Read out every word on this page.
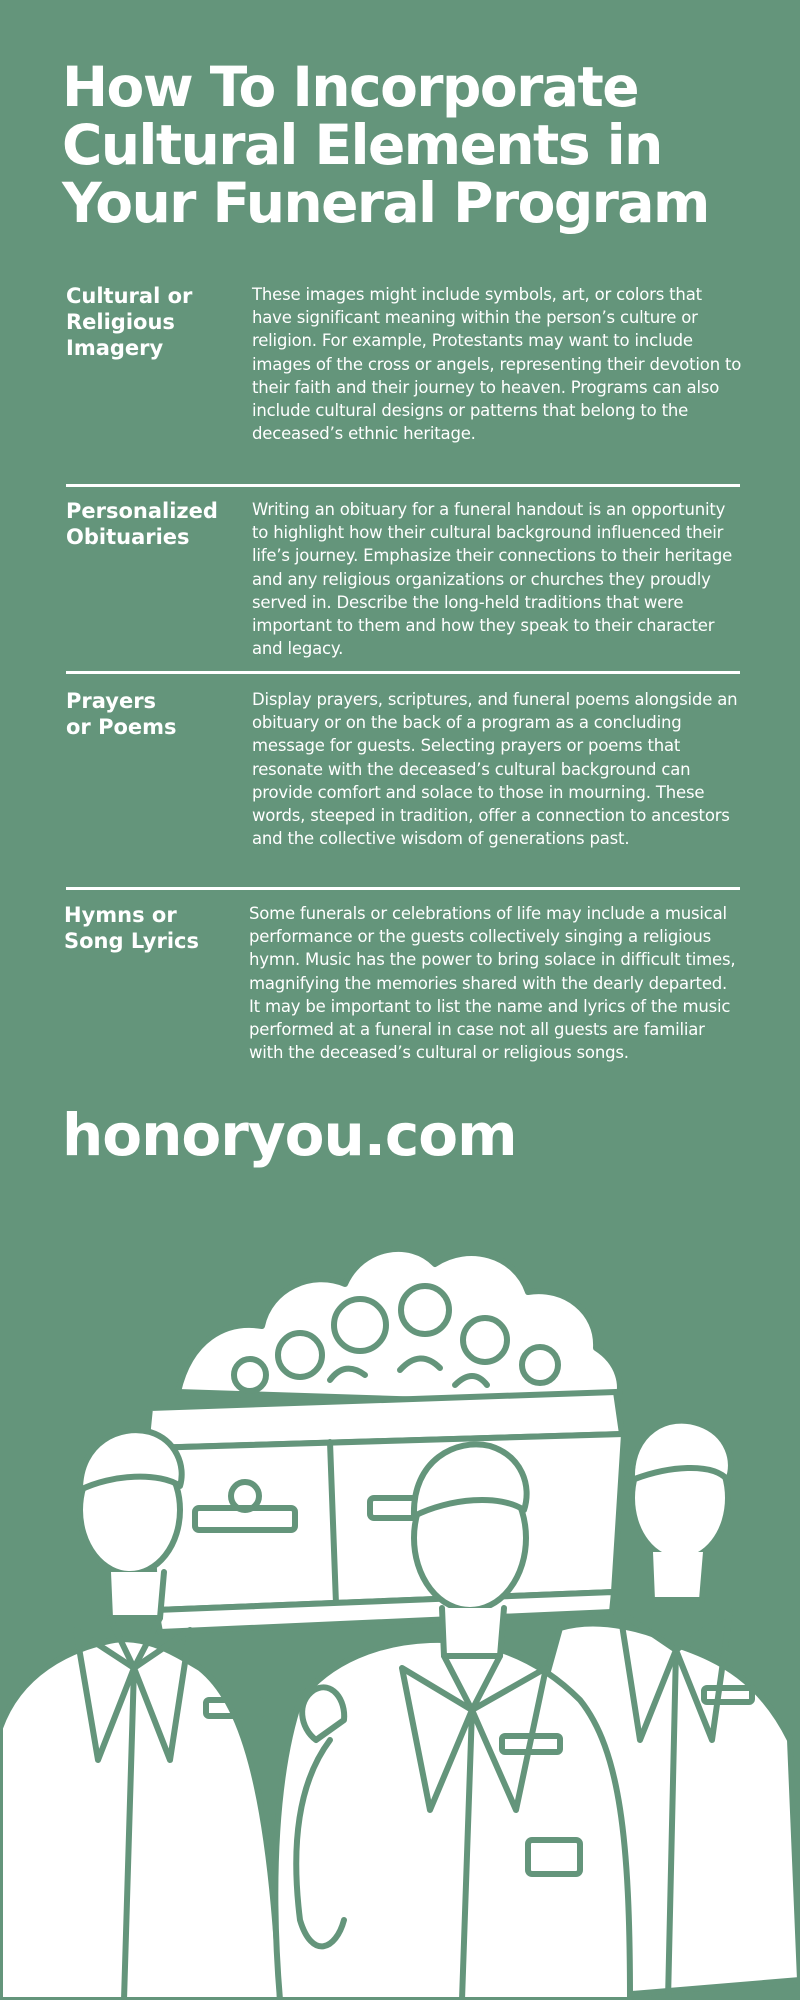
How To Incorporate Cultural Elements in Your Funeral Program
Cultural or
Religious
Imagery
These images might include symbols, art, or colors that have significant meaning within the person’s culture or religion. For example, Protestants may want to include images of the cross or angels, representing their devotion to their faith and their journey to heaven. Programs can also include cultural designs or patterns that belong to the deceased’s ethnic heritage.
Personalized
Obituaries
Writing an obituary for a funeral handout is an opportunity to highlight how their cultural background influenced their life’s journey. Emphasize their connections to their heritage and any religious organizations or churches they proudly served in. Describe the long-held traditions that were important to them and how they speak to their character and legacy.
Prayers
or Poems
Display prayers, scriptures, and funeral poems alongside an obituary or on the back of a program as a concluding message for guests. Selecting prayers or poems that resonate with the deceased’s cultural background can provide comfort and solace to those in mourning. These words, steeped in tradition, offer a connection to ancestors and the collective wisdom of generations past.
Hymns or
Song Lyrics
Some funerals or celebrations of life may include a musical performance or the guests collectively singing a religious hymn. Music has the power to bring solace in difficult times, magnifying the memories shared with the dearly departed. It may be important to list the name and lyrics of the music performed at a funeral in case not all guests are familiar with the deceased’s cultural or religious songs.
honoryou.com
